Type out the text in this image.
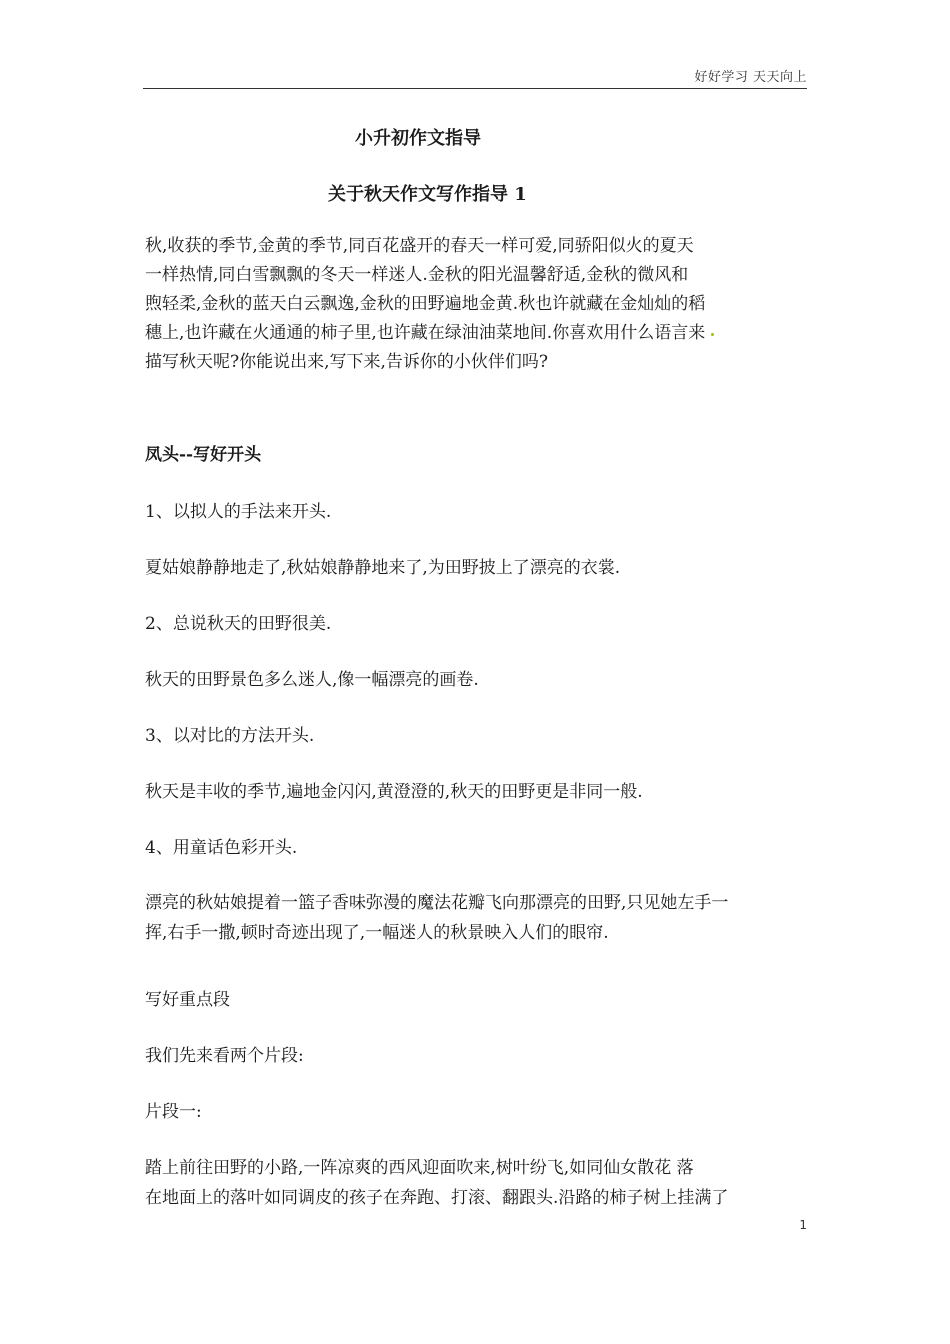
好好学习 天天向上
小升初作文指导
关于秋天作文写作指导 1
秋,收获的季节,金黄的季节,同百花盛开的春天一样可爱,同骄阳似火的夏天
一样热情,同白雪飘飘的冬天一样迷人.金秋的阳光温馨舒适,金秋的微风和
煦轻柔,金秋的蓝天白云飘逸,金秋的田野遍地金黄.秋也许就藏在金灿灿的稻
穗上,也许藏在火通通的柿子里,也许藏在绿油油菜地间.你喜欢用什么语言来
描写秋天呢?你能说出来,写下来,告诉你的小伙伴们吗?
凤头--写好开头
1、以拟人的手法来开头.
夏姑娘静静地走了,秋姑娘静静地来了,为田野披上了漂亮的衣裳.
2、总说秋天的田野很美.
秋天的田野景色多么迷人,像一幅漂亮的画卷.
3、以对比的方法开头.
秋天是丰收的季节,遍地金闪闪,黄澄澄的,秋天的田野更是非同一般.
4、用童话色彩开头.
漂亮的秋姑娘提着一篮子香味弥漫的魔法花瓣飞向那漂亮的田野,只见她左手一
挥,右手一撒,顿时奇迹出现了,一幅迷人的秋景映入人们的眼帘.
写好重点段
我们先来看两个片段:
片段一:
踏上前往田野的小路,一阵凉爽的西风迎面吹来,树叶纷飞,如同仙女散花 落
在地面上的落叶如同调皮的孩子在奔跑、打滚、翻跟头.沿路的柿子树上挂满了
1
